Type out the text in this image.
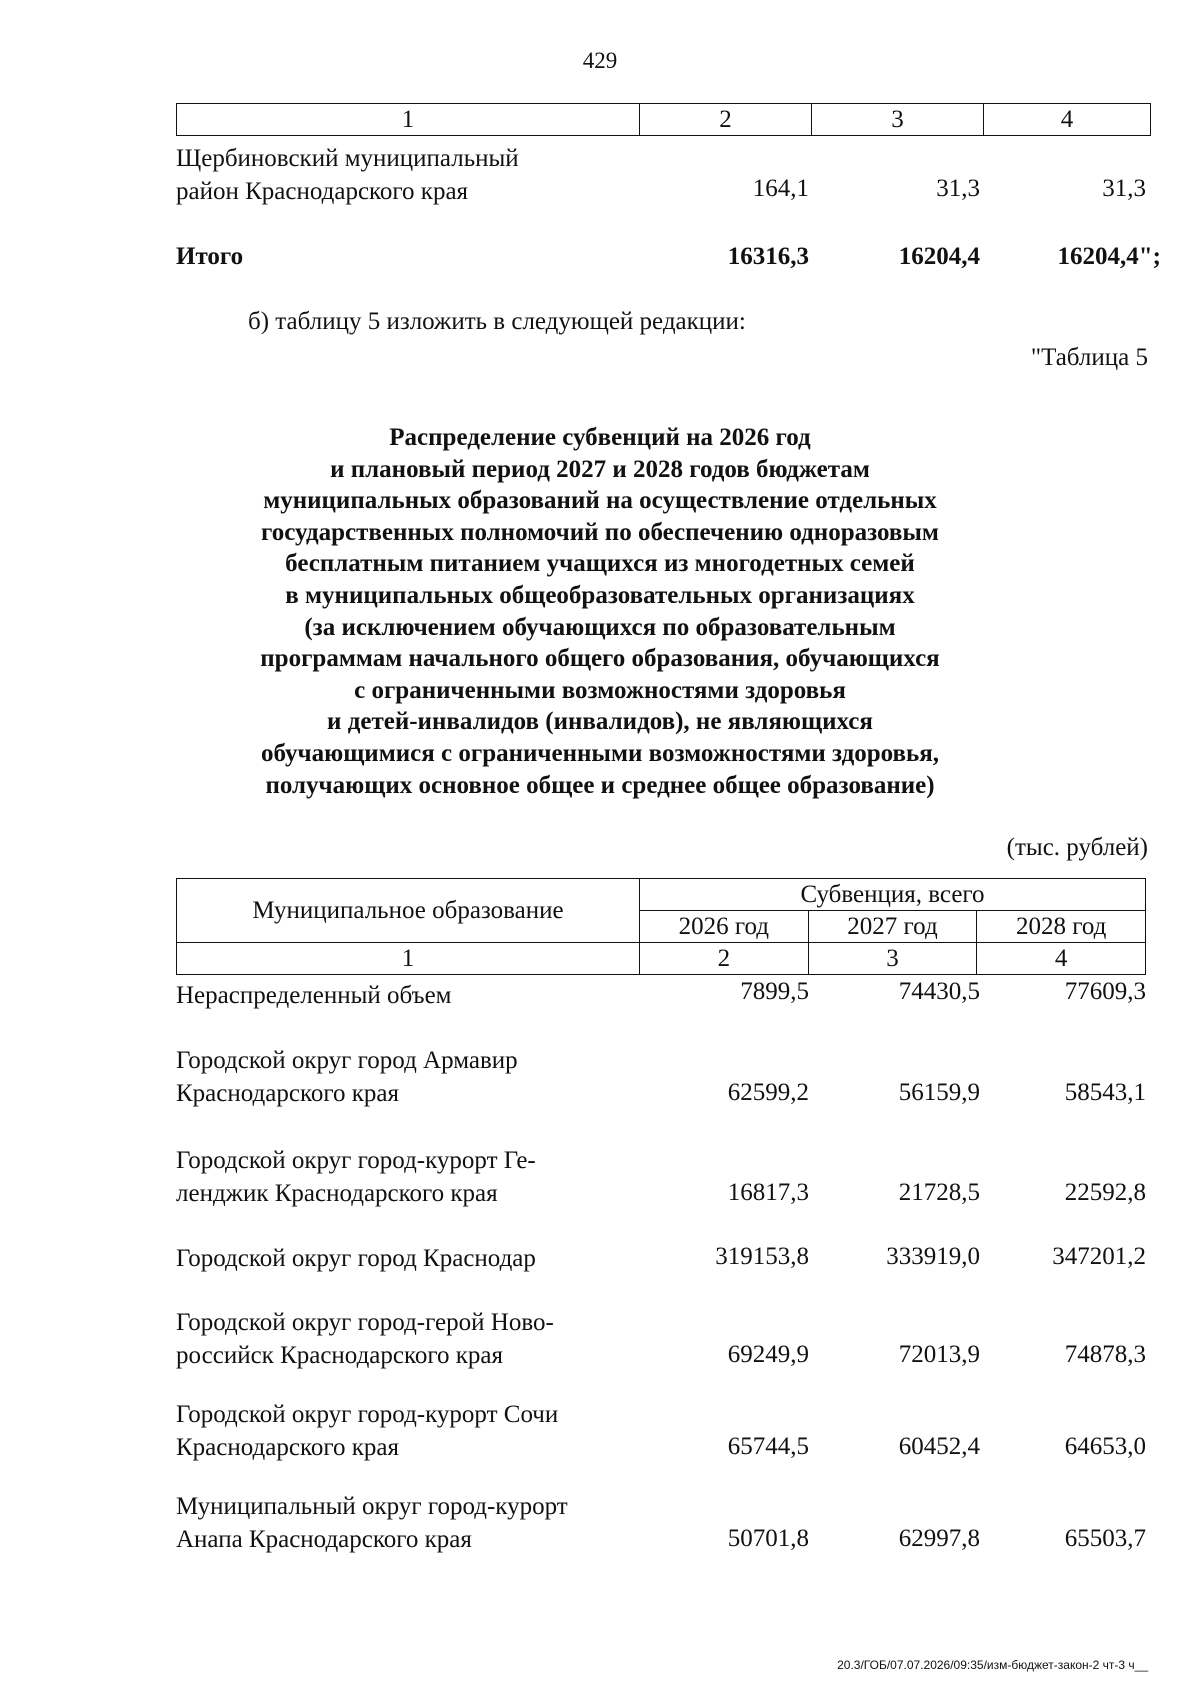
429
1	2	3	4
Щербиновский муниципальный
район Краснодарского края	164,1	31,3	31,3
Итого	16316,3	16204,4	16204,4";
б) таблицу 5 изложить в следующей редакции:
"Таблица 5
Распределение субвенций на 2026 год
и плановый период 2027 и 2028 годов бюджетам
муниципальных образований на осуществление отдельных
государственных полномочий по обеспечению одноразовым
бесплатным питанием учащихся из многодетных семей
в муниципальных общеобразовательных организациях
(за исключением обучающихся по образовательным
программам начального общего образования, обучающихся
с ограниченными возможностями здоровья
и детей-инвалидов (инвалидов), не являющихся
обучающимися с ограниченными возможностями здоровья,
получающих основное общее и среднее общее образование)
(тыс. рублей)
Муниципальное образование	Субвенция, всего		
	2026 год	2027 год	2028 год
1	2	3	4
Нераспределенный объем	7899,5	74430,5	77609,3
Городской округ город Армавир
Краснодарского края	62599,2	56159,9	58543,1
Городской округ город-курорт Ге-
ленджик Краснодарского края	16817,3	21728,5	22592,8
Городской округ город Краснодар	319153,8	333919,0	347201,2
Городской округ город-герой Ново-
российск Краснодарского края	69249,9	72013,9	74878,3
Городской округ город-курорт Сочи
Краснодарского края	65744,5	60452,4	64653,0
Муниципальный округ город-курорт
Анапа Краснодарского края	50701,8	62997,8	65503,7
20.3/ГОБ/07.07.2026/09:35/изм-бюджет-закон-2 чт-3 ч__
